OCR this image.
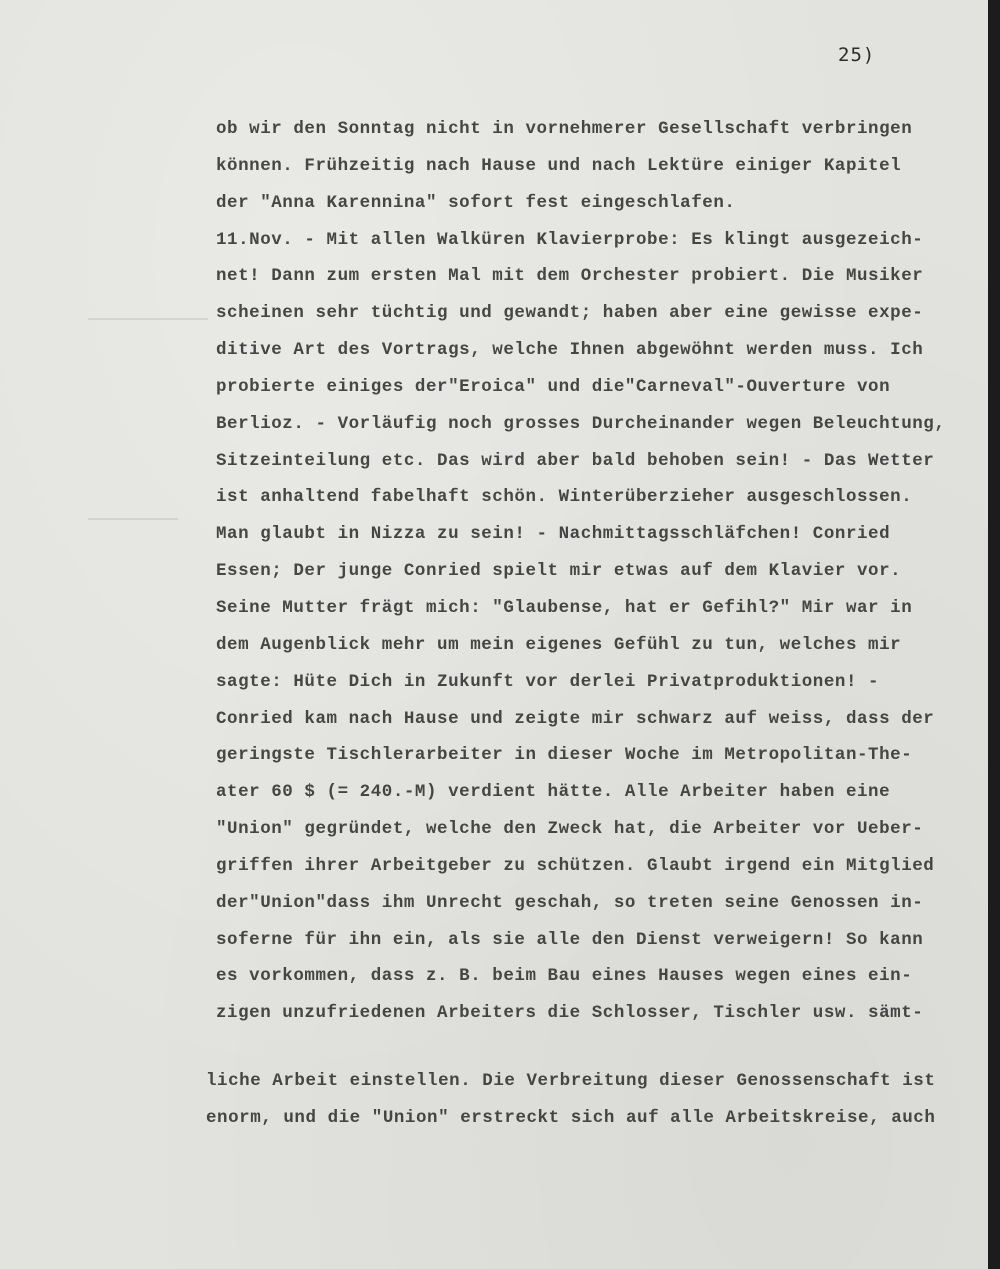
25)
ob wir den Sonntag nicht in vornehmerer Gesellschaft verbringen
können. Frühzeitig nach Hause und nach Lektüre einiger Kapitel
der "Anna Karennina" sofort fest eingeschlafen.
11.Nov. - Mit allen Walküren Klavierprobe: Es klingt ausgezeich-
net! Dann zum ersten Mal mit dem Orchester probiert. Die Musiker
scheinen sehr tüchtig und gewandt; haben aber eine gewisse expe-
ditive Art des Vortrags, welche Ihnen abgewöhnt werden muss. Ich
probierte einiges der"Eroica" und die"Carneval"-Ouverture von
Berlioz. - Vorläufig noch grosses Durcheinander wegen Beleuchtung,
Sitzeinteilung etc. Das wird aber bald behoben sein! - Das Wetter
ist anhaltend fabelhaft schön. Winterüberzieher ausgeschlossen.
Man glaubt in Nizza zu sein! - Nachmittagsschläfchen! Conried
Essen; Der junge Conried spielt mir etwas auf dem Klavier vor.
Seine Mutter frägt mich: "Glaubense, hat er Gefihl?" Mir war in
dem Augenblick mehr um mein eigenes Gefühl zu tun, welches mir
sagte: Hüte Dich in Zukunft vor derlei Privatproduktionen! -
Conried kam nach Hause und zeigte mir schwarz auf weiss, dass der
geringste Tischlerarbeiter in dieser Woche im Metropolitan-The-
ater 60 $ (= 240.-M) verdient hätte. Alle Arbeiter haben eine
"Union" gegründet, welche den Zweck hat, die Arbeiter vor Ueber-
griffen ihrer Arbeitgeber zu schützen. Glaubt irgend ein Mitglied
der"Union"dass ihm Unrecht geschah, so treten seine Genossen in-
soferne für ihn ein, als sie alle den Dienst verweigern! So kann
es vorkommen, dass z. B. beim Bau eines Hauses wegen eines ein-
zigen unzufriedenen Arbeiters die Schlosser, Tischler usw. sämt-
liche Arbeit einstellen. Die Verbreitung dieser Genossenschaft ist
enorm, und die "Union" erstreckt sich auf alle Arbeitskreise, auch
